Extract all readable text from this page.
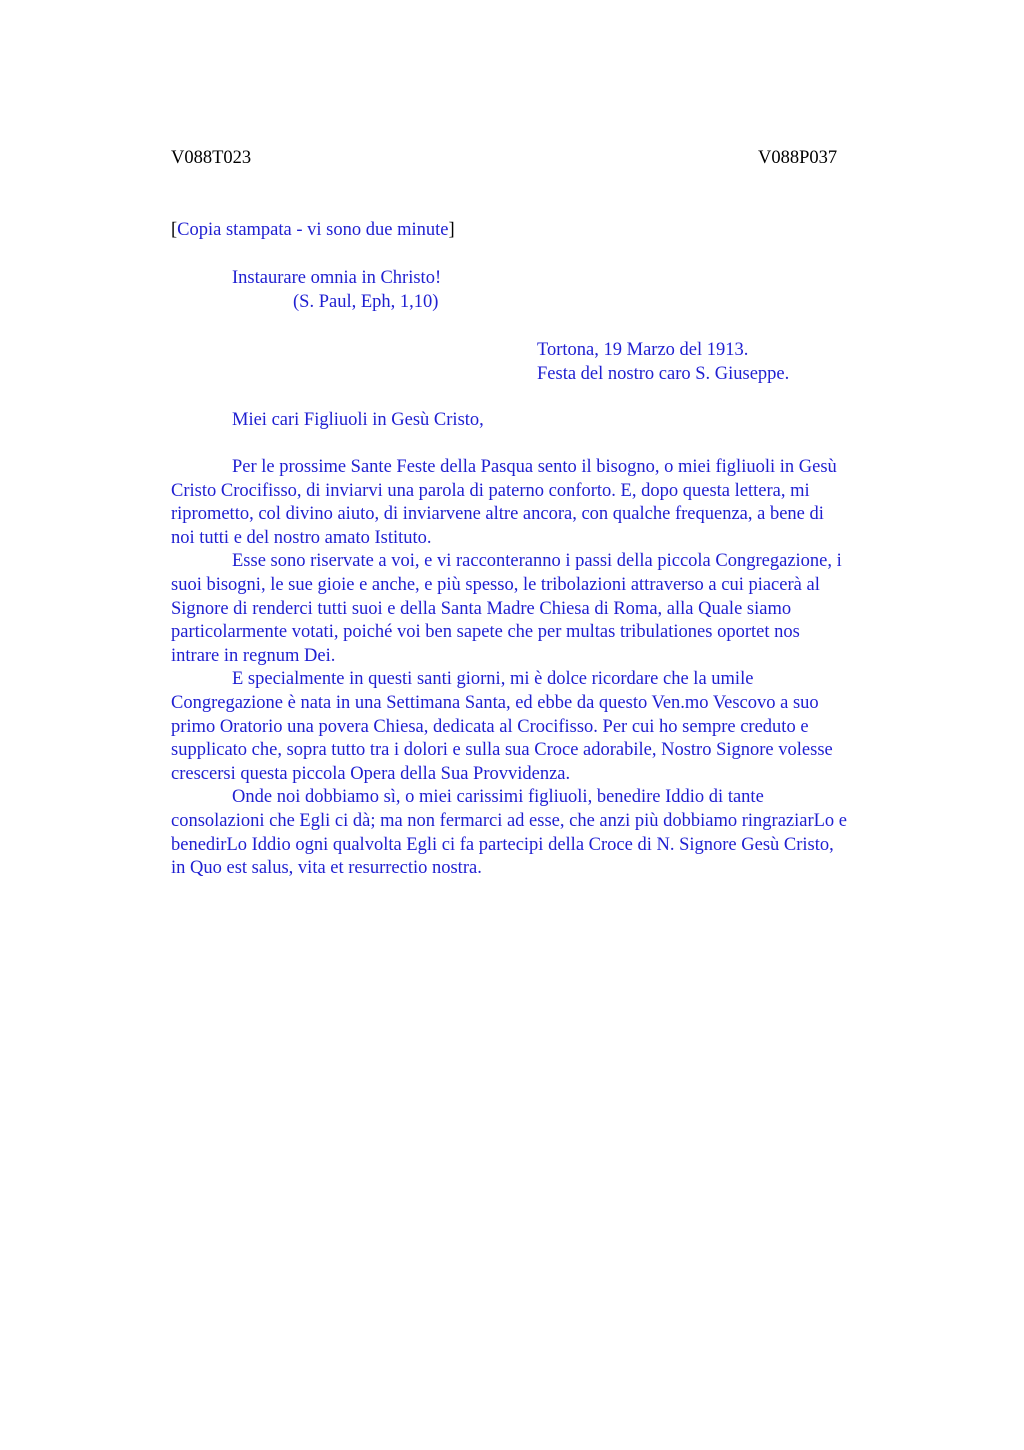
V088T023	V088P037
[Copia stampata - vi sono due minute]
Instaurare omnia in Christo!
(S. Paul, Eph, 1,10)
Tortona, 19 Marzo del 1913.
Festa del nostro caro S. Giuseppe.
Miei cari Figliuoli in Gesù Cristo,
Per le prossime Sante Feste della Pasqua sento il bisogno, o miei figliuoli in Gesù
Cristo Crocifisso, di inviarvi una parola di paterno conforto. E, dopo questa lettera, mi
riprometto, col divino aiuto, di inviarvene altre ancora, con qualche frequenza, a bene di
noi tutti e del nostro amato Istituto.
Esse sono riservate a voi, e vi racconteranno i passi della piccola Congregazione, i
suoi bisogni, le sue gioie e anche, e più spesso, le tribolazioni attraverso a cui piacerà al
Signore di renderci tutti suoi e della Santa Madre Chiesa di Roma, alla Quale siamo
particolarmente votati, poiché voi ben sapete che per multas tribulationes oportet nos
intrare in regnum Dei.
E specialmente in questi santi giorni, mi è dolce ricordare che la umile
Congregazione è nata in una Settimana Santa, ed ebbe da questo Ven.mo Vescovo a suo
primo Oratorio una povera Chiesa, dedicata al Crocifisso. Per cui ho sempre creduto e
supplicato che, sopra tutto tra i dolori e sulla sua Croce adorabile, Nostro Signore volesse
crescersi questa piccola Opera della Sua Provvidenza.
Onde noi dobbiamo sì, o miei carissimi figliuoli, benedire Iddio di tante
consolazioni che Egli ci dà; ma non fermarci ad esse, che anzi più dobbiamo ringraziarLo e
benedirLo Iddio ogni qualvolta Egli ci fa partecipi della Croce di N. Signore Gesù Cristo,
in Quo est salus, vita et resurrectio nostra.
